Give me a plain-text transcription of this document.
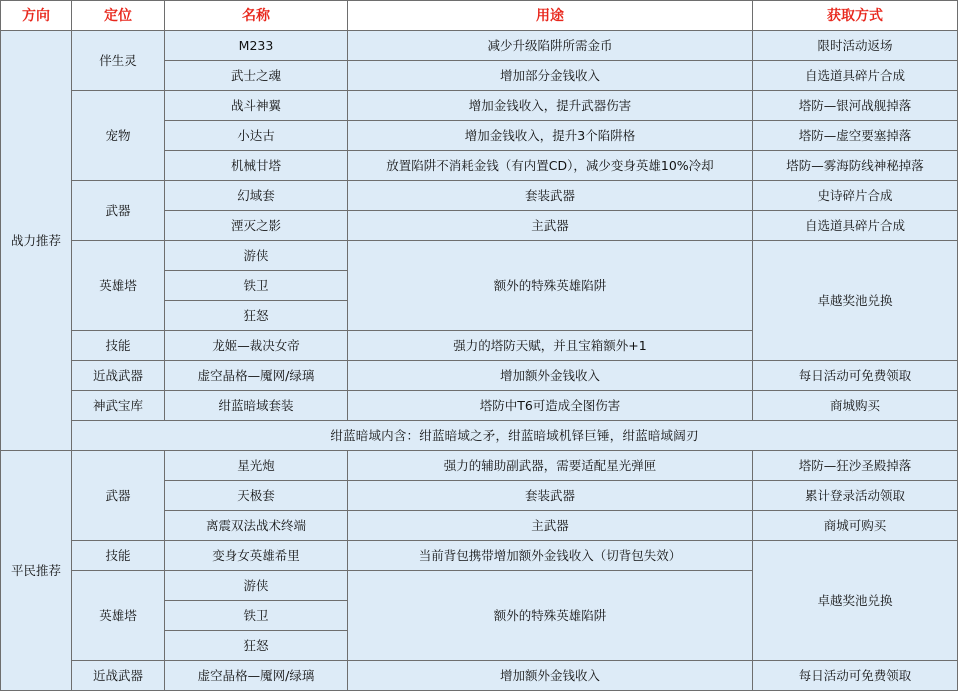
方向	定位	名称	用途	获取方式
战力推荐	伴生灵	M233	减少升级陷阱所需金币	限时活动返场
		武士之魂	增加部分金钱收入	自选道具碎片合成
	宠物	战斗神翼	增加金钱收入，提升武器伤害	塔防—银河战舰掉落
		小达古	增加金钱收入，提升3个陷阱格	塔防—虚空要塞掉落
		机械甘塔	放置陷阱不消耗金钱（有内置CD），减少变身英雄10%冷却	塔防—雾海防线神秘掉落
	武器	幻域套	套装武器	史诗碎片合成
		湮灭之影	主武器	自选道具碎片合成
	英雄塔	游侠	额外的特殊英雄陷阱	卓越奖池兑换
		铁卫		
		狂怒		
	技能	龙姬—裁决女帝	强力的塔防天赋，并且宝箱额外+1	
	近战武器	虚空晶格—魇网/绿璃	增加额外金钱收入	每日活动可免费领取
	神武宝库	绀蓝暗域套装	塔防中T6可造成全图伤害	商城购买
	绀蓝暗域内含：绀蓝暗域之矛，绀蓝暗域机铎巨锤，绀蓝暗域阔刃			
平民推荐	武器	星光炮	强力的辅助副武器，需要适配星光弹匣	塔防—狂沙圣殿掉落
		天极套	套装武器	累计登录活动领取
		离震双法战术终端	主武器	商城可购买
	技能	变身女英雄希里	当前背包携带增加额外金钱收入（切背包失效）	卓越奖池兑换
	英雄塔	游侠	额外的特殊英雄陷阱	
		铁卫		
		狂怒		
	近战武器	虚空晶格—魇网/绿璃	增加额外金钱收入	每日活动可免费领取
